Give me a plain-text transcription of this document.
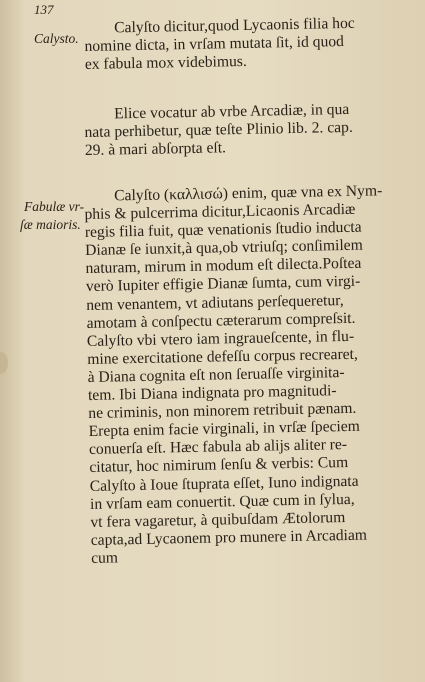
137
Calysto.
Fabulæ vr-
ſæ maioris.
Calyſto dicitur,quod Lycaonis filia hoc
nomine dicta, in vrſam mutata ſit, id quod
ex fabula mox videbimus.
Elice vocatur ab vrbe Arcadiæ, in qua
nata perhibetur, quæ teſte Plinio lib. 2. cap.
29. à mari abſorpta eſt.
Calyſto (καλλισώ) enim, quæ vna ex Nym-
phis & pulcerrima dicitur,Licaonis Arcadiæ
regis filia fuit, quæ venationis ſtudio inducta
Dianæ ſe iunxit,à qua,ob vtriuſq; conſimilem
naturam, mirum in modum eſt dilecta.Poſtea
verò Iupiter effigie Dianæ ſumta, cum virgi-
nem venantem, vt adiutans perſequeretur,
amotam à conſpectu cæterarum compreſsit.
Calyſto vbi vtero iam ingraueſcente, in flu-
mine exercitatione defeſſu corpus recrearet,
à Diana cognita eſt non ſeruaſſe virginita-
tem. Ibi Diana indignata pro magnitudi-
ne criminis, non minorem retribuit pænam.
Erepta enim facie virginali, in vrſæ ſpeciem
conuerſa eſt. Hæc fabula ab alijs aliter re-
citatur, hoc nimirum ſenſu & verbis: Cum
Calyſto à Ioue ſtuprata eſſet, Iuno indignata
in vrſam eam conuertit. Quæ cum in ſylua,
vt fera vagaretur, à quibuſdam Ætolorum
capta,ad Lycaonem pro munere in Arcadiam
cum
